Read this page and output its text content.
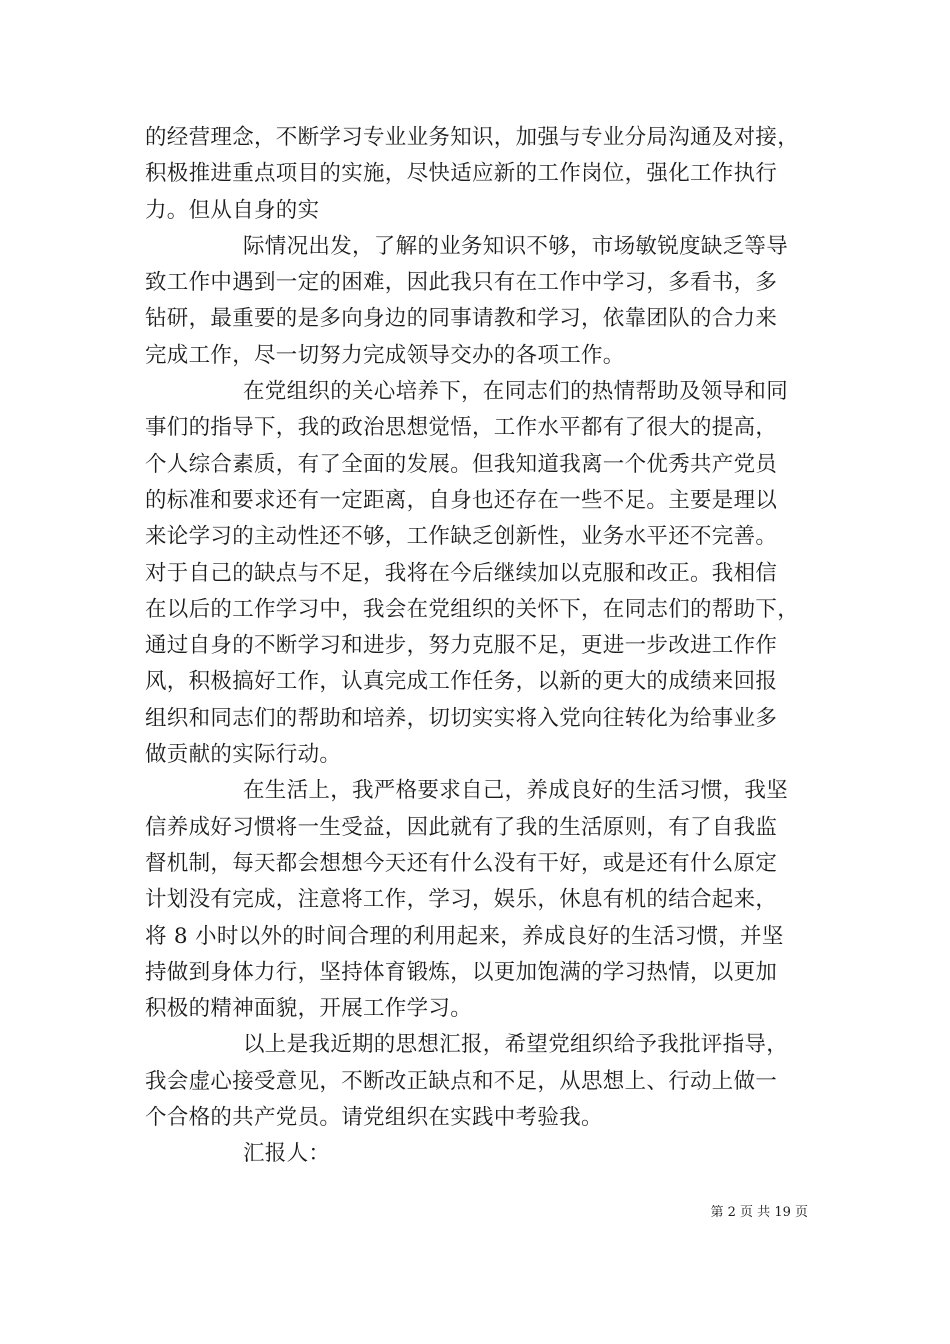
的经营理念，不断学习专业业务知识，加强与专业分局沟通及对接，
积极推进重点项目的实施，尽快适应新的工作岗位，强化工作执行
力。但从自身的实
际情况出发，了解的业务知识不够，市场敏锐度缺乏等导
致工作中遇到一定的困难，因此我只有在工作中学习，多看书，多
钻研，最重要的是多向身边的同事请教和学习，依靠团队的合力来
完成工作，尽一切努力完成领导交办的各项工作。
在党组织的关心培养下，在同志们的热情帮助及领导和同
事们的指导下，我的政治思想觉悟，工作水平都有了很大的提高，
个人综合素质，有了全面的发展。但我知道我离一个优秀共产党员
的标准和要求还有一定距离，自身也还存在一些不足。主要是理以
来论学习的主动性还不够，工作缺乏创新性，业务水平还不完善。
对于自己的缺点与不足，我将在今后继续加以克服和改正。我相信
在以后的工作学习中，我会在党组织的关怀下，在同志们的帮助下，
通过自身的不断学习和进步，努力克服不足，更进一步改进工作作
风，积极搞好工作，认真完成工作任务，以新的更大的成绩来回报
组织和同志们的帮助和培养，切切实实将入党向往转化为给事业多
做贡献的实际行动。
在生活上，我严格要求自己，养成良好的生活习惯，我坚
信养成好习惯将一生受益，因此就有了我的生活原则，有了自我监
督机制，每天都会想想今天还有什么没有干好，或是还有什么原定
计划没有完成，注意将工作，学习，娱乐，休息有机的结合起来，
将 8 小时以外的时间合理的利用起来，养成良好的生活习惯，并坚
持做到身体力行，坚持体育锻炼，以更加饱满的学习热情，以更加
积极的精神面貌，开展工作学习。
以上是我近期的思想汇报，希望党组织给予我批评指导，
我会虚心接受意见，不断改正缺点和不足，从思想上、行动上做一
个合格的共产党员。请党组织在实践中考验我。
汇报人：
第 2 页 共 19 页
